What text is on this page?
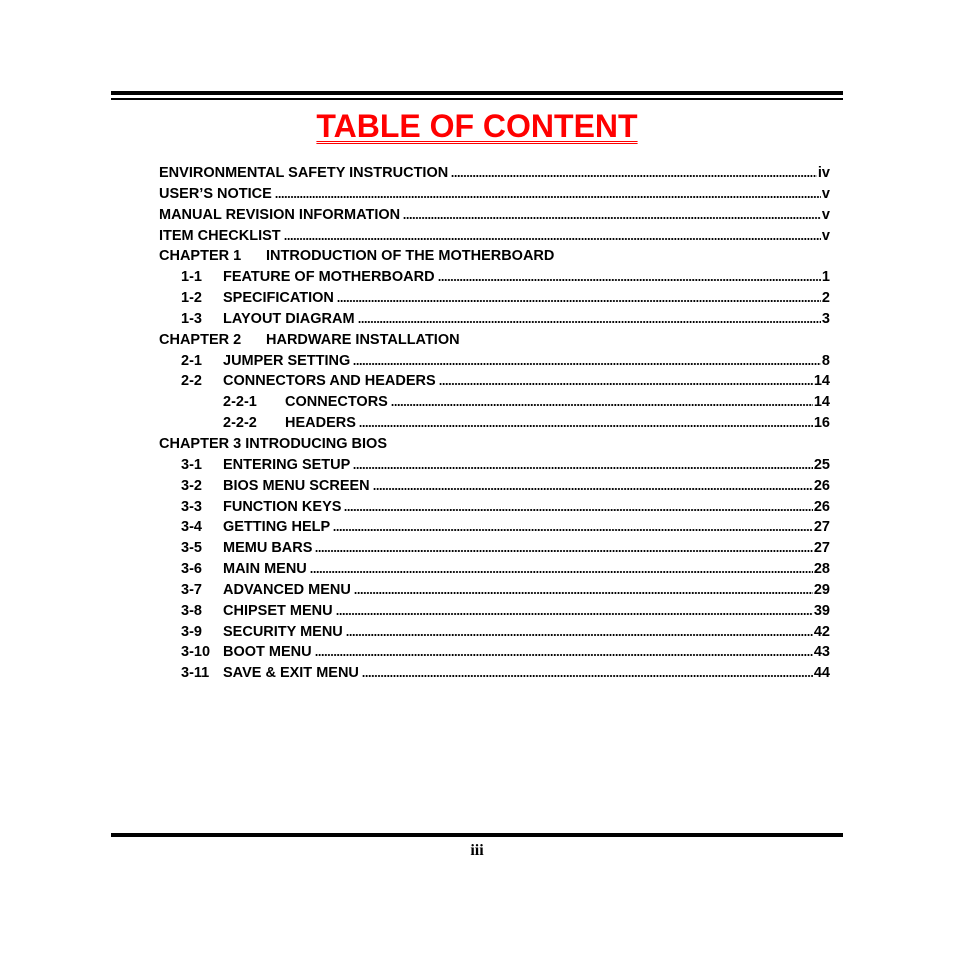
TABLE OF CONTENT
ENVIRONMENTAL SAFETY INSTRUCTION	iv
USER’S NOTICE	v
MANUAL REVISION INFORMATION	v
ITEM CHECKLIST	v
CHAPTER 1	INTRODUCTION OF THE MOTHERBOARD
1-1	FEATURE OF MOTHERBOARD	1
1-2	SPECIFICATION	2
1-3	LAYOUT DIAGRAM	3
CHAPTER 2	HARDWARE INSTALLATION
2-1	JUMPER SETTING	8
2-2	CONNECTORS AND HEADERS	14
2-2-1	CONNECTORS	14
2-2-2	HEADERS	16
CHAPTER 3 INTRODUCING BIOS
3-1	ENTERING SETUP	25
3-2	BIOS MENU SCREEN	26
3-3	FUNCTION KEYS	26
3-4	GETTING HELP	27
3-5	MEMU BARS	27
3-6	MAIN MENU	28
3-7	ADVANCED MENU	29
3-8	CHIPSET MENU	39
3-9	SECURITY MENU	42
3-10 BOOT MENU	43
3-11 SAVE & EXIT MENU	44
iii
